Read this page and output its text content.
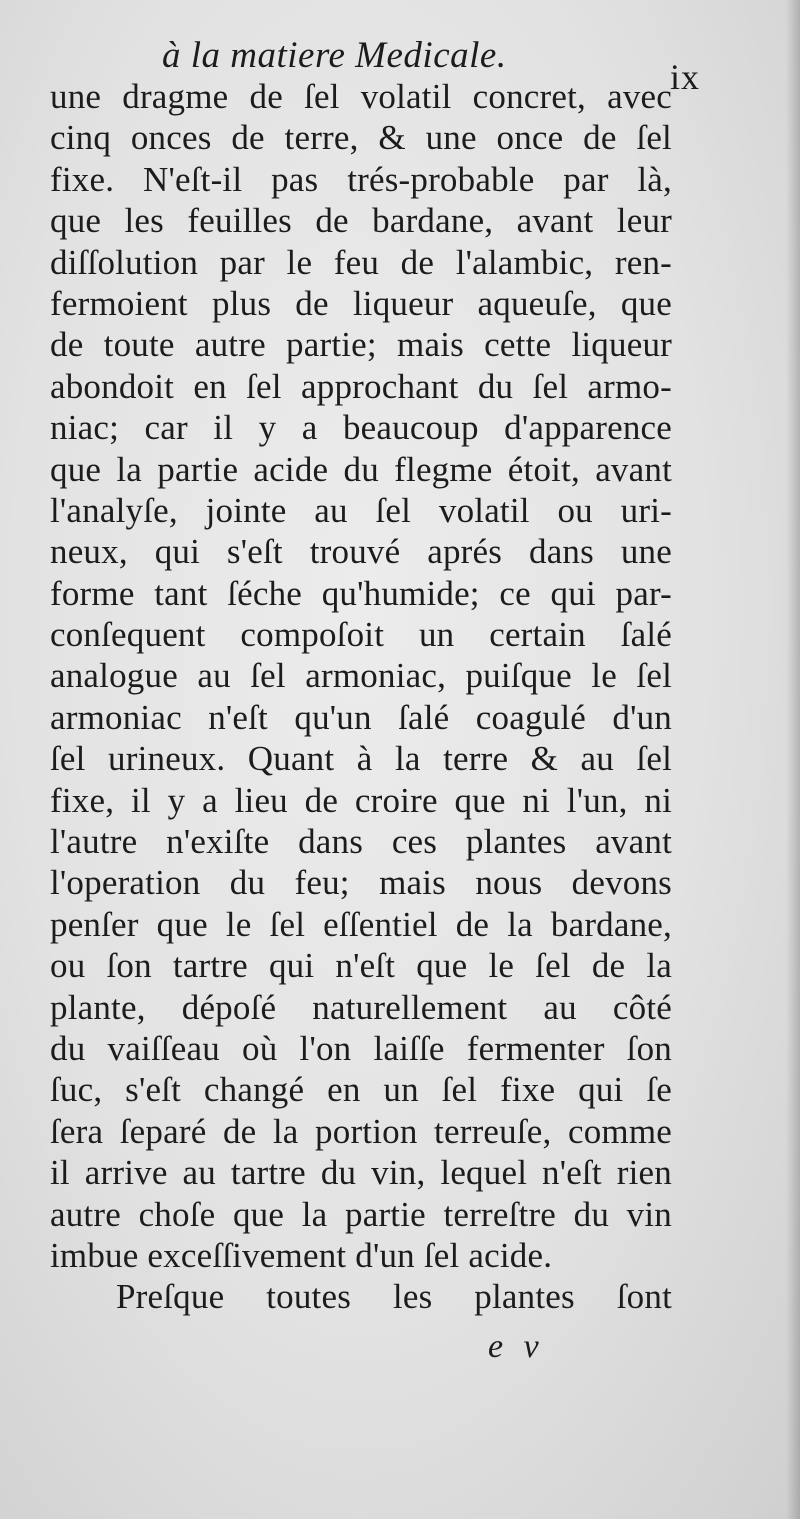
à la matiere Medicale.
ix
une dragme de ſel volatil concret, avec
cinq onces de terre, & une once de ſel
fixe. N'eſt-il pas trés-probable par là,
que les feuilles de bardane, avant leur
diſſolution par le feu de l'alambic, ren-
fermoient plus de liqueur aqueuſe, que
de toute autre partie; mais cette liqueur
abondoit en ſel approchant du ſel armo-
niac; car il y a beaucoup d'apparence
que la partie acide du flegme étoit, avant
l'analyſe, jointe au ſel volatil ou uri-
neux, qui s'eſt trouvé aprés dans une
forme tant ſéche qu'humide; ce qui par-
conſequent compoſoit un certain ſalé
analogue au ſel armoniac, puiſque le ſel
armoniac n'eſt qu'un ſalé coagulé d'un
ſel urineux. Quant à la terre & au ſel
fixe, il y a lieu de croire que ni l'un, ni
l'autre n'exiſte dans ces plantes avant
l'operation du feu; mais nous devons
penſer que le ſel eſſentiel de la bardane,
ou ſon tartre qui n'eſt que le ſel de la
plante, dépoſé naturellement au côté
du vaiſſeau où l'on laiſſe fermenter ſon
ſuc, s'eſt changé en un ſel fixe qui ſe
ſera ſeparé de la portion terreuſe, comme
il arrive au tartre du vin, lequel n'eſt rien
autre choſe que la partie terreſtre du vin
imbue exceſſivement d'un ſel acide.
Preſque toutes les plantes ſont
e v
